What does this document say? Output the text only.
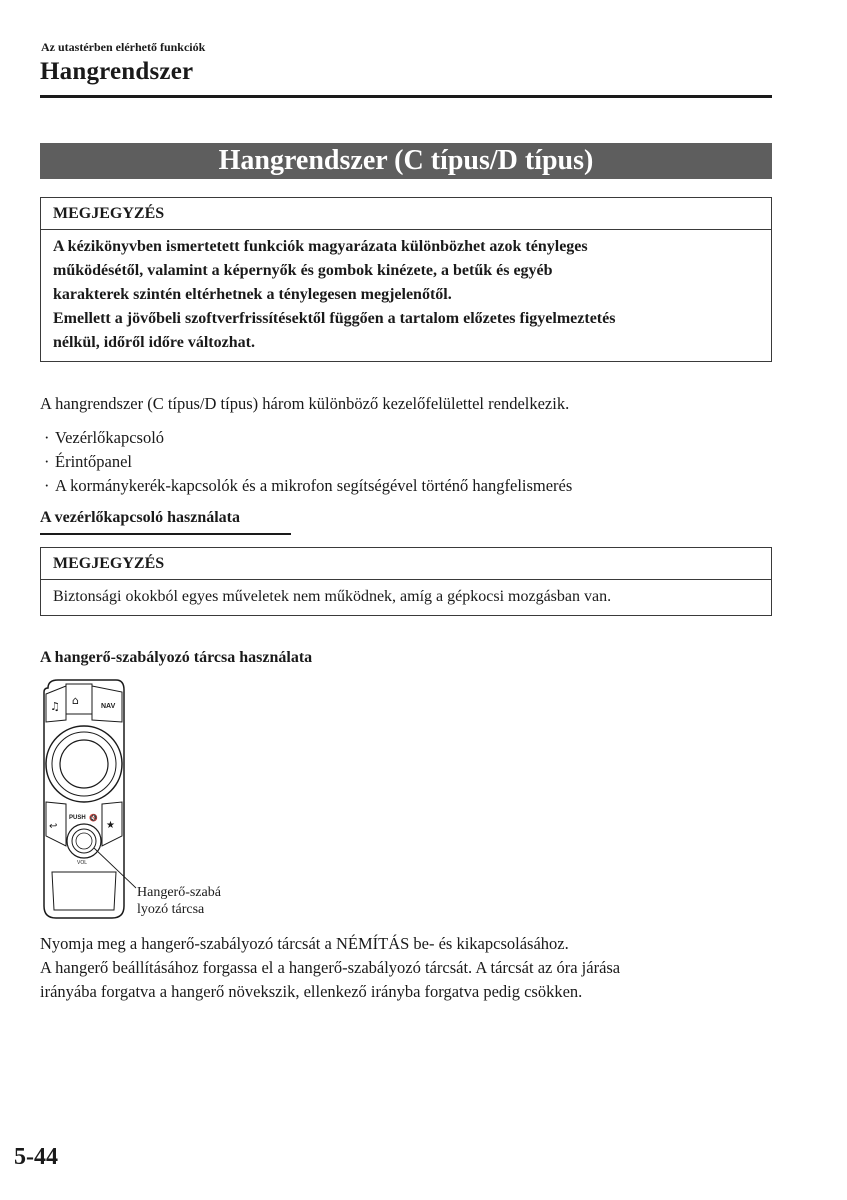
Az utastérben elérhető funkciók
Hangrendszer
Hangrendszer (C típus/D típus)
MEGJEGYZÉS
A kézikönyvben ismertetett funkciók magyarázata különbözhet azok tényleges
működésétől, valamint a képernyők és gombok kinézete, a betűk és egyéb
karakterek szintén eltérhetnek a ténylegesen megjelenőtől.
Emellett a jövőbeli szoftverfrissítésektől függően a tartalom előzetes figyelmeztetés
nélkül, időről időre változhat.
A hangrendszer (C típus/D típus) három különböző kezelőfelülettel rendelkezik.
· Vezérlőkapcsoló
· Érintőpanel
· A kormánykerék-kapcsolók és a mikrofon segítségével történő hangfelismerés
A vezérlőkapcsoló használata
MEGJEGYZÉS
Biztonsági okokból egyes műveletek nem működnek, amíg a gépkocsi mozgásban van.
A hangerő-szabályozó tárcsa használata
♫ ⌂	NAV
↩	★
PUSH 🔇
VOL
Hangerő-szabá
lyozó tárcsa
Nyomja meg a hangerő-szabályozó tárcsát a NÉMÍTÁS be- és kikapcsolásához.
A hangerő beállításához forgassa el a hangerő-szabályozó tárcsát. A tárcsát az óra járása
irányába forgatva a hangerő növekszik, ellenkező irányba forgatva pedig csökken.
5-44
